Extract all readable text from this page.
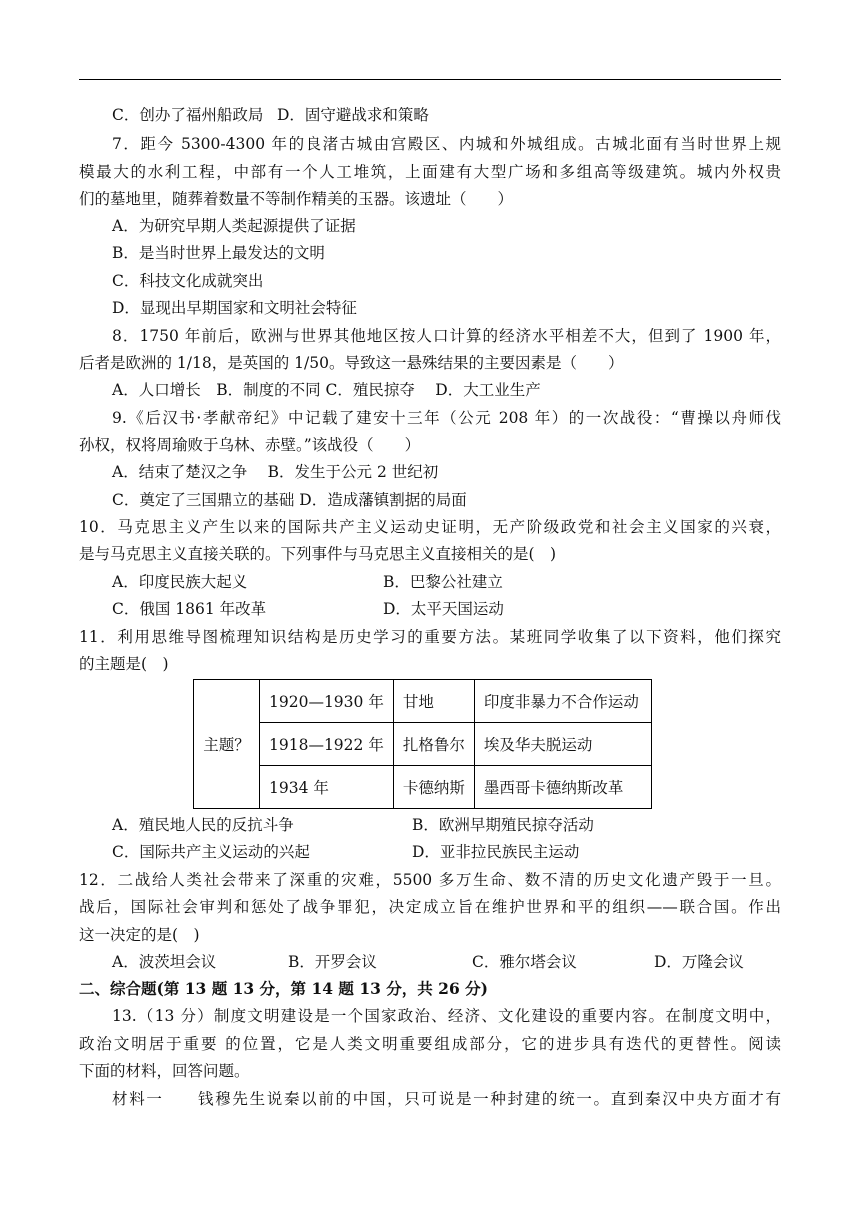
C．创办了福州船政局 D．固守避战求和策略
7．距今 5300-4300 年的良渚古城由宫殿区、内城和外城组成。古城北面有当时世界上规
模最大的水利工程，中部有一个人工堆筑，上面建有大型广场和多组高等级建筑。城内外权贵
们的墓地里，随葬着数量不等制作精美的玉器。该遗址（　　）
A．为研究早期人类起源提供了证据
B．是当时世界上最发达的文明
C．科技文化成就突出
D．显现出早期国家和文明社会特征
8．1750 年前后，欧洲与世界其他地区按人口计算的经济水平相差不大，但到了 1900 年，
后者是欧洲的 1/18，是英国的 1/50。导致这一悬殊结果的主要因素是（　　）
A．人口增长　B．制度的不同 C．殖民掠夺　 D．大工业生产
9.《后汉书·孝献帝纪》中记载了建安十三年（公元 208 年）的一次战役：“曹操以舟师伐
孙权，权将周瑜败于乌林、赤壁。”该战役（　　）
A．结束了楚汉之争　 B．发生于公元 2 世纪初
C．奠定了三国鼎立的基础 D．造成藩镇割据的局面
10．马克思主义产生以来的国际共产主义运动史证明，无产阶级政党和社会主义国家的兴衰，
是与马克思主义直接关联的。下列事件与马克思主义直接相关的是(　)
A．印度民族大起义	B．巴黎公社建立
C．俄国 1861 年改革	D．太平天国运动
11．利用思维导图梳理知识结构是历史学习的重要方法。某班同学收集了以下资料，他们探究
的主题是(　)
主题？	1920—1930 年	甘地	印度非暴力不合作运动
	1918—1922 年	扎格鲁尔	埃及华夫脱运动
	1934 年	卡德纳斯	墨西哥卡德纳斯改革
A．殖民地人民的反抗斗争	B．欧洲早期殖民掠夺活动
C．国际共产主义运动的兴起	D．亚非拉民族民主运动
12．二战给人类社会带来了深重的灾难，5500 多万生命、数不清的历史文化遗产毁于一旦。
战后，国际社会审判和惩处了战争罪犯，决定成立旨在维护世界和平的组织——联合国。作出
这一决定的是(　)
A．波茨坦会议	B．开罗会议	C．雅尔塔会议	D．万隆会议
二、综合题(第 13 题 13 分，第 14 题 13 分，共 26 分)
13.（13 分）制度文明建设是一个国家政治、经济、文化建设的重要内容。在制度文明中，
政治文明居于重要 的位置，它是人类文明重要组成部分，它的进步具有迭代的更替性。阅读
下面的材料，回答问题。
材料一　　钱穆先生说秦以前的中国，只可说是一种封建的统一。直到秦汉中央方面才有
